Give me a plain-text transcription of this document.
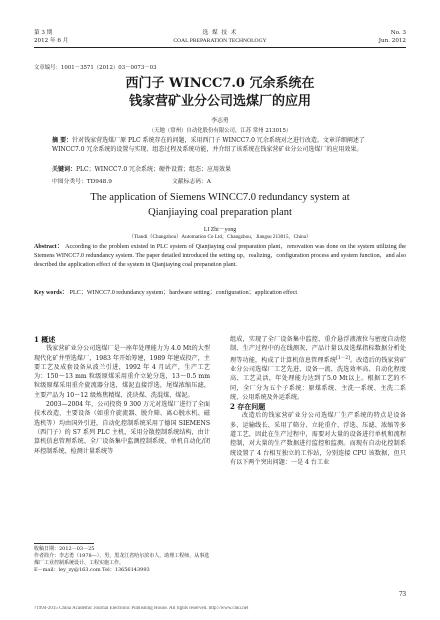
第 3 期
2012 年 6 月
选 煤 技 术
COAL PREPARATION TECHNOLOGY
No. 3
Jun. 2012
文章编号：1001－3571（2012）03－0073－03
西门子 WINCC7.0 冗余系统在
钱家营矿业分公司选煤厂的应用
李志勇
（天地（常州）自动化股份有限公司，江苏 常州 213015）
摘 要：针对钱家营选煤厂原 PLC 系统存在的问题，采用西门子 WINCC7.0 冗余系统对之进行改造。文章详细阐述了 WINCC7.0 冗余系统的设置与实现、组态过程及系统功能，并介绍了该系统在钱家营矿业分公司选煤厂的应用效果。
关键词：PLC；WINCC7.0 冗余系统；硬件设置；组态；应用效果
中图分类号：TD948.9	文献标志码：A
The application of Siemens WINCC7.0 redundancy system at
Qianjiaying coal preparation plant
LI Zhi－yong
（Tiandi（Changzhou）Automation Co Ltd，Changzhou，Jiangsu 213015，China）
Abstract： According to the problem existed in PLC system of Qianjiaying coal preparation plant，renovation was done on the system utilizing the Siemens WINCC7.0 redundancy system. The paper detailed introduced the setting up，realizing，configuration process and system function，and also described the application effect of the system in Qianjiaying coal preparation plant.
Key words： PLC；WINCC7.0 redundancy system；hardware setting；configuration；application effect

1 概述

钱家营矿业分公司选煤厂是一座年处理能力为 4.0 Mt的大型现代化矿井型选煤厂，1983 年开始筹建，1989 年建成投产，主要工艺及成套设备从波兰引进，1992 年 4 月试产，生产工艺为：150～13 mm 粒级原煤采用重介立轮分选，13～0.5 mm 粒级原煤采用重介旋流器分选，煤泥直接浮选，尾煤浓缩压滤，主要产品为 10～12 级炼焦精煤、洗块煤、洗混煤、煤泥。

2003—2004 年，公司投资 9 300 万元对选煤厂进行了全面技术改造，主要设备（如重介旋流器、脱介筛、离心脱水机、磁选机等）均由国外引进，自动化控制系统采用了德国 SIEMENS（西门子）的 S7 系列 PLC 主机，采用分散控制系统结构，由计算机信息管理系统、全厂设备集中监测控制系统、单机自动化/闭环控制系统、检测计量系统等

收稿日期：2012－03－25
作者简介：李志勇（1978—），男，黑龙江省哈尔滨市人，助理工程师，从事选煤厂工业控制系统设计、工程实施工作。
E－mail：ley_zy@163.com Tel：13656143993

组成，实现了全厂设备集中监控、重介悬浮液液位与密度自动控制、生产过程中的在线测灰、产品计量以及选煤指标数据分析处理等功能，构成了计算机信息管理系统[1－2]。改造后的钱家营矿业分公司选煤厂工艺先进、设备一流、洗选效率高、自动化程度高、工艺灵活，年处理能力达到了5.0 Mt以上。根据工艺的不同，全厂分为五个子系统：原煤系统、主洗一系统、主洗二系统、公用系统及外运系统。

2 存在问题

改造后的钱家营矿业分公司选煤厂生产系统的特点是设备多、运输线长、采用了筛分、立轮重介、浮选、压滤、浓缩等多道工艺，因此在生产过程中，需要对大量的设备进行单机和流程控制，对大量的生产数据进行监控和监测。而现有自动化控制系统设置了 4 台相互独立的工作站，分别连接 CPU 该数据，但只有以下两个突出问题：一是 4 台工业

73
?1994-2015 China Academic Journal Electronic Publishing House. All rights reserved. http://www.cnki.net
